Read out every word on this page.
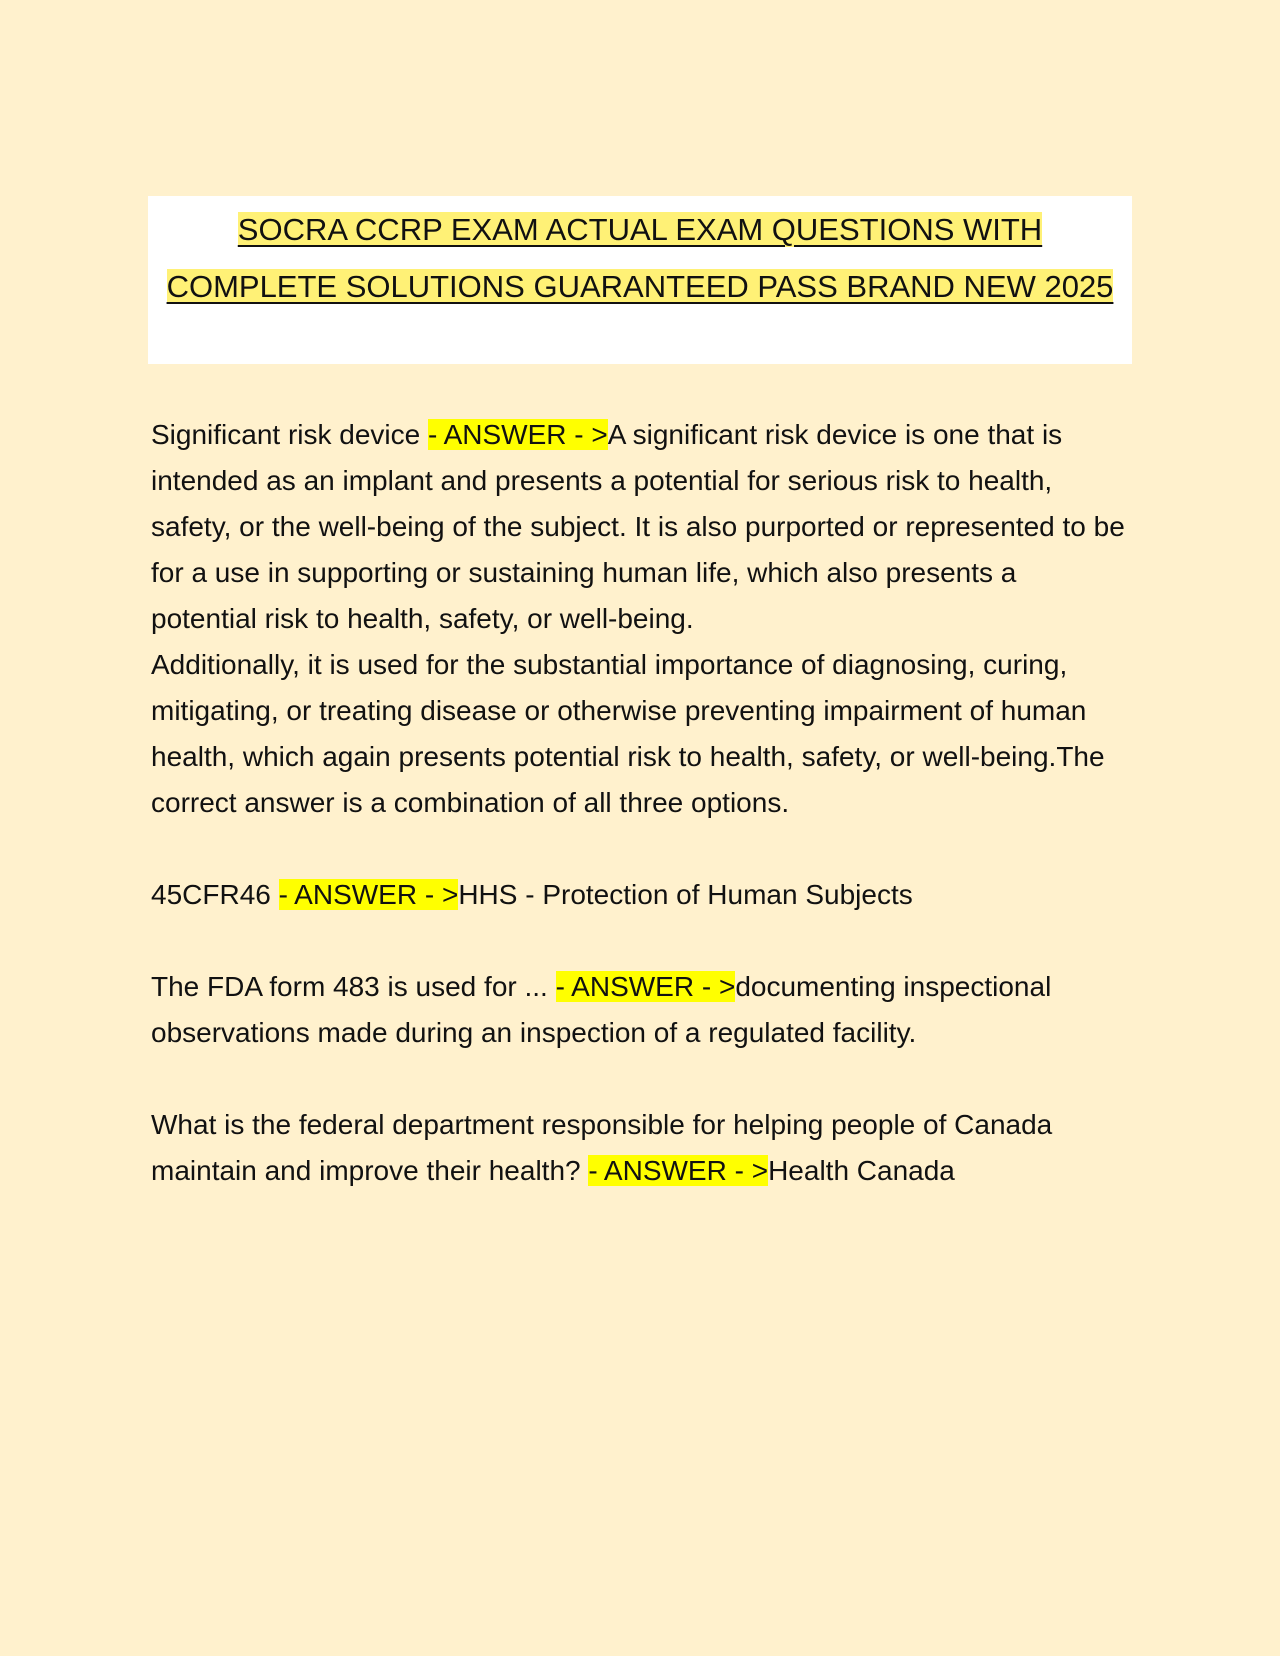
SOCRA CCRP EXAM ACTUAL EXAM QUESTIONS WITH COMPLETE SOLUTIONS GUARANTEED PASS BRAND NEW 2025

Significant risk device - ANSWER - >A significant risk device is one that is intended as an implant and presents a potential for serious risk to health, safety, or the well-being of the subject. It is also purported or represented to be for a use in supporting or sustaining human life, which also presents a potential risk to health, safety, or well-being.
Additionally, it is used for the substantial importance of diagnosing, curing, mitigating, or treating disease or otherwise preventing impairment of human health, which again presents potential risk to health, safety, or well-being.The correct answer is a combination of all three options.

45CFR46 - ANSWER - >HHS - Protection of Human Subjects

The FDA form 483 is used for ... - ANSWER - >documenting inspectional observations made during an inspection of a regulated facility.

What is the federal department responsible for helping people of Canada maintain and improve their health? - ANSWER - >Health Canada
